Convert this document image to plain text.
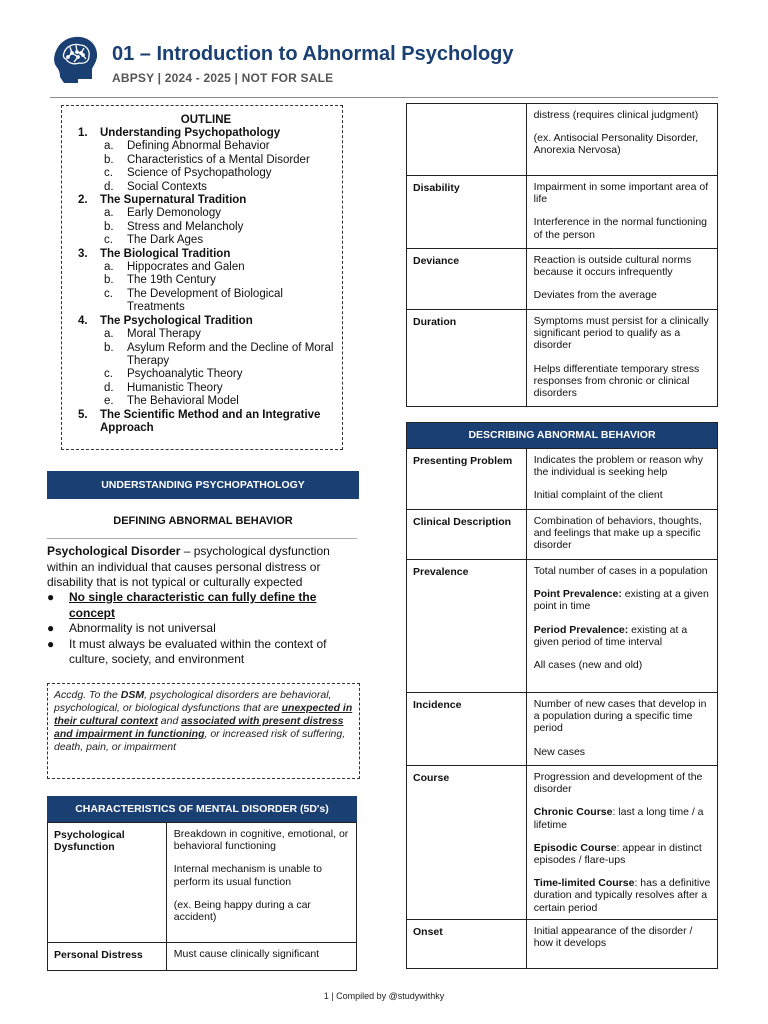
01 – Introduction to Abnormal Psychology
ABPSY | 2024 - 2025 | NOT FOR SALE
OUTLINE
1.	Understanding Psychopathology
a.	Defining Abnormal Behavior
b.	Characteristics of a Mental Disorder
c.	Science of Psychopathology
d.	Social Contexts
2.	The Supernatural Tradition
a.	Early Demonology
b.	Stress and Melancholy
c.	The Dark Ages
3.	The Biological Tradition
a.	Hippocrates and Galen
b.	The 19th Century
c.	The Development of Biological Treatments
4.	The Psychological Tradition
a.	Moral Therapy
b.	Asylum Reform and the Decline of Moral Therapy
c.	Psychoanalytic Theory
d.	Humanistic Theory
e.	The Behavioral Model
5.	The Scientific Method and an Integrative Approach
UNDERSTANDING PSYCHOPATHOLOGY
DEFINING ABNORMAL BEHAVIOR
Psychological Disorder – psychological dysfunction within an individual that causes personal distress or disability that is not typical or culturally expected
●	No single characteristic can fully define the concept
●	Abnormality is not universal
●	It must always be evaluated within the context of culture, society, and environment
Accdg. To the DSM, psychological disorders are behavioral, psychological, or biological dysfunctions that are unexpected in their cultural context and associated with present distress and impairment in functioning, or increased risk of suffering, death, pain, or impairment
CHARACTERISTICS OF MENTAL DISORDER (5D's)
Psychological Dysfunction	Breakdown in cognitive, emotional, or behavioral functioning

Internal mechanism is unable to perform its usual function

(ex. Being happy during a car accident)

Personal Distress	Must cause clinically significant

	distress (requires clinical judgment)

(ex. Antisocial Personality Disorder, Anorexia Nervosa)

Disability	Impairment in some important area of life

Interference in the normal functioning of the person

Deviance	Reaction is outside cultural norms because it occurs infrequently

Deviates from the average

Duration	Symptoms must persist for a clinically significant period to qualify as a disorder

Helps differentiate temporary stress responses from chronic or clinical disorders

DESCRIBING ABNORMAL BEHAVIOR	
Presenting Problem	Indicates the problem or reason why the individual is seeking help

Initial complaint of the client

Clinical Description	Combination of behaviors, thoughts, and feelings that make up a specific disorder

Prevalence	Total number of cases in a population

Point Prevalence: existing at a given point in time

Period Prevalence: existing at a given period of time interval

All cases (new and old)

Incidence	Number of new cases that develop in a population during a specific time period

New cases

Course	Progression and development of the disorder

Chronic Course: last a long time / a lifetime

Episodic Course: appear in distinct episodes / flare-ups

Time-limited Course: has a definitive duration and typically resolves after a certain period

Onset	Initial appearance of the disorder / how it develops

1 | Compiled by @studywithky
